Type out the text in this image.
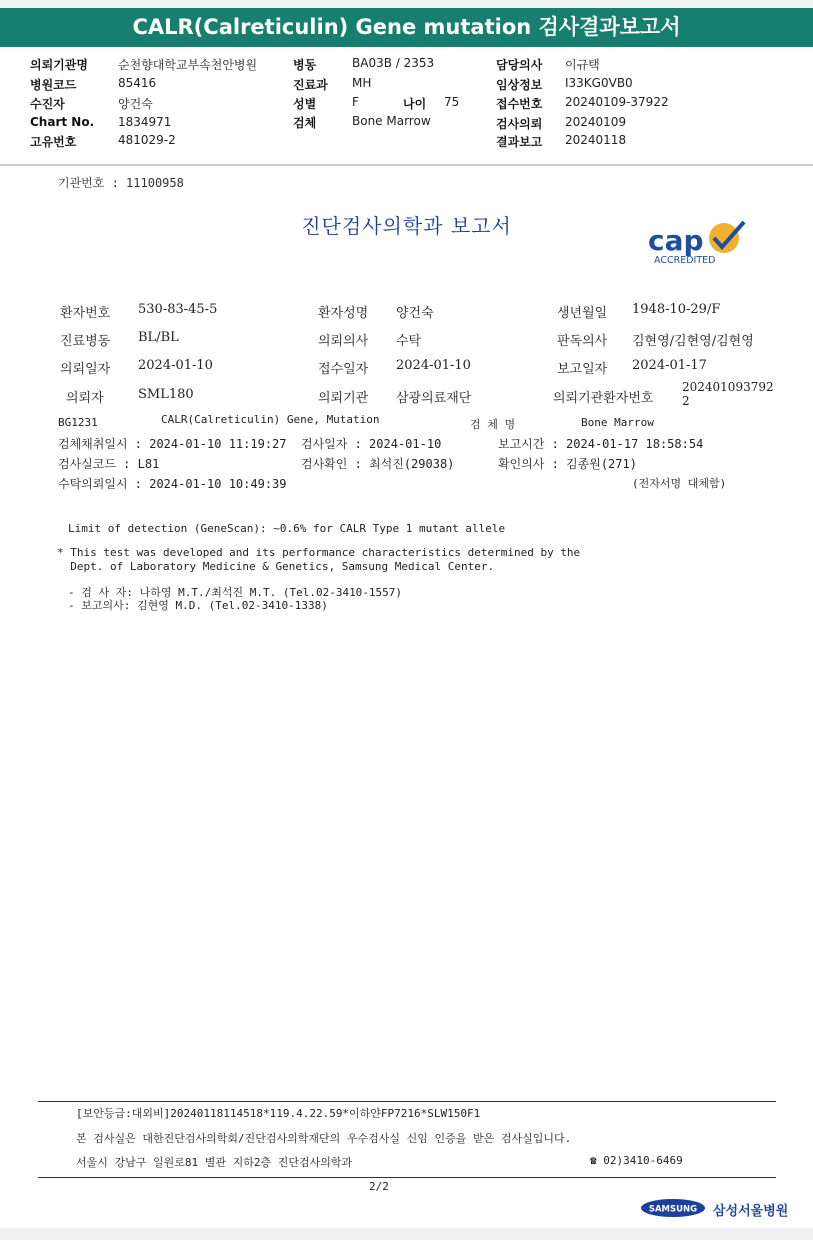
CALR(Calreticulin) Gene mutation 검사결과보고서
의뢰기관명	순천향대학교부속천안병원
병원코드	85416
수진자	양건숙
Chart No. 1834971
고유번호	481029-2
병동	BA03B / 2353
진료과 MH
성별	F	나이 75
검체	Bone Marrow
담당의사 이규택
임상정보 I33KG0VB0
접수번호 20240109-37922
검사의뢰 20240109
결과보고 20240118
기관번호 : 11100958
진단검사의학과 보고서	cap
ACCREDITED
환자번호 530-83-45-5	환자성명 양건숙	생년월일 1948-10-29/F
진료병동 BL/BL	의뢰의사 수탁	판독의사 김현영/김현영/김현영
의뢰일자 2024-01-10	접수일자 2024-01-10	보고일자 2024-01-17
의뢰자	SML180	의뢰기관 삼광의료재단	의뢰기관환자번호
202401093792
2
BG1231	CALR(Calreticulin) Gene, Mutation	검 체 명	Bone Marrow
검체채취일시 : 2024-01-10 11:19:27 검사일자 : 2024-01-10	보고시간 : 2024-01-17 18:58:54
검사실코드 : L81	검사확인 : 최석진(29038)	확인의사 : 김종원(271)
수탁의뢰일시 : 2024-01-10 10:49:39	(전자서명 대체함)
Limit of detection (GeneScan): ~0.6% for CALR Type 1 mutant allele
* This test was developed and its performance characteristics determined by the
Dept. of Laboratory Medicine & Genetics, Samsung Medical Center.
- 검 사 자: 나하영 M.T./최석진 M.T. (Tel.02-3410-1557)
- 보고의사: 김현영 M.D. (Tel.02-3410-1338)
[보안등급:대외비]20240118114518*119.4.22.59*이하얀FP7216*SLW150F1
본 검사실은 대한진단검사의학회/진단검사의학재단의 우수검사실 신임 인증을 받은 검사실입니다.
서울시 강남구 일원로81 별관 지하2층 진단검사의학과	☎ 02)3410-6469
2/2
SAMSUNG 삼성서울병원
